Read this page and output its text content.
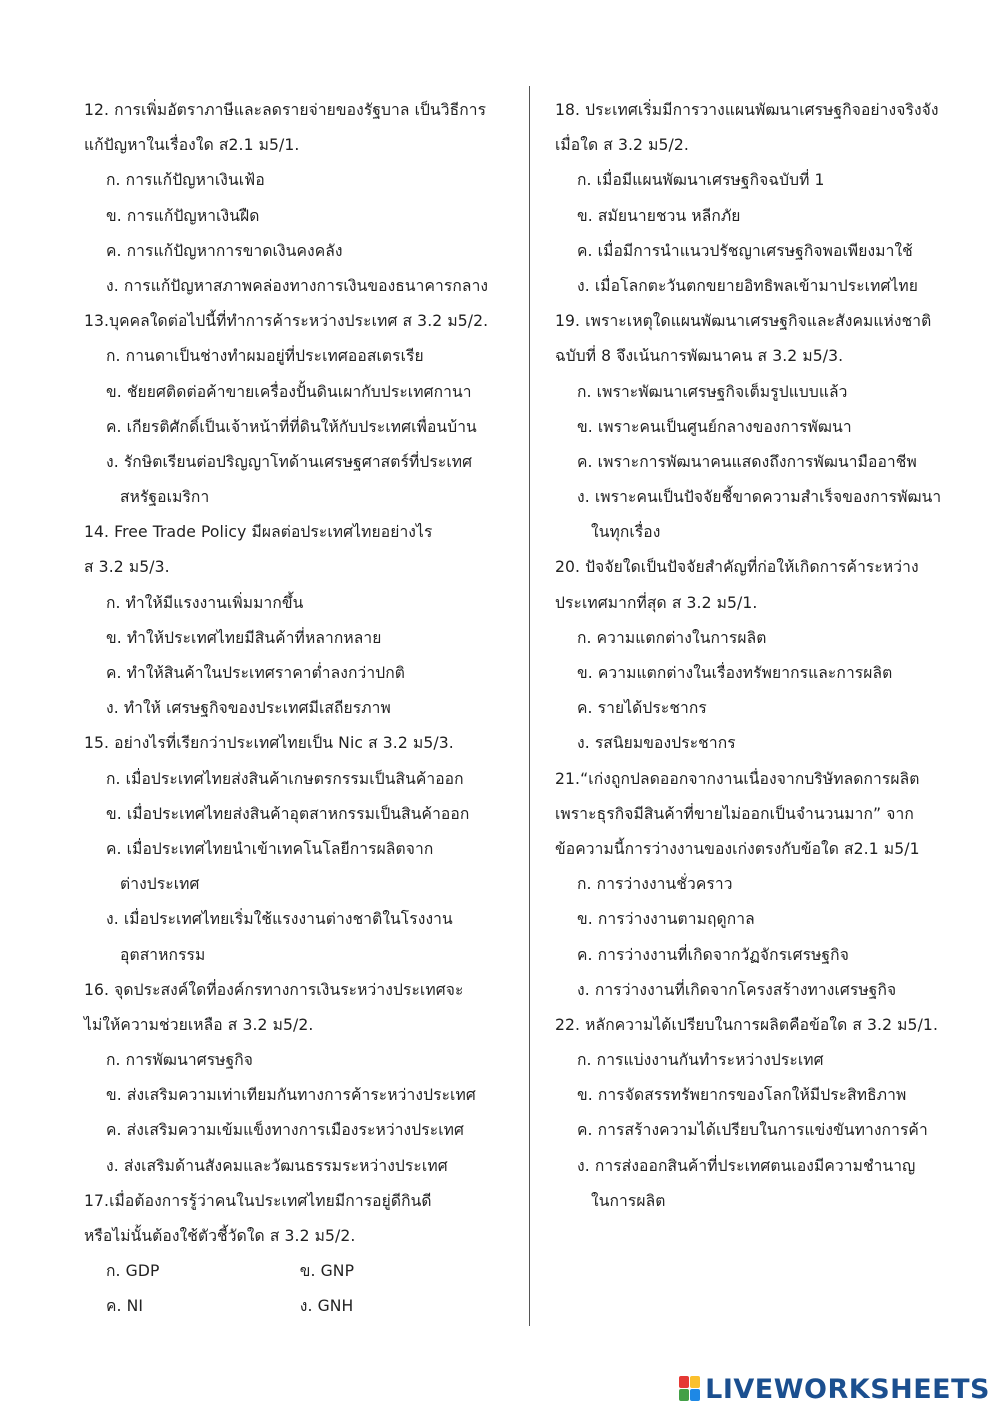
12. การเพิ่มอัตราภาษีและลดรายจ่ายของรัฐบาล เป็นวิธีการ
แก้ปัญหาในเรื่องใด ส2.1 ม5/1.
ก. การแก้ปัญหาเงินเฟ้อ
ข. การแก้ปัญหาเงินฝืด
ค. การแก้ปัญหาการขาดเงินคงคลัง
ง. การแก้ปัญหาสภาพคล่องทางการเงินของธนาคารกลาง
13.บุคคลใดต่อไปนี้ที่ทำการค้าระหว่างประเทศ ส 3.2 ม5/2.
ก. กานดาเป็นช่างทำผมอยู่ที่ประเทศออสเตรเรีย
ข. ชัยยศติดต่อค้าขายเครื่องปั้นดินเผากับประเทศกานา
ค. เกียรติศักดิ์เป็นเจ้าหน้าที่ที่ดินให้กับประเทศเพื่อนบ้าน
ง. รักษิตเรียนต่อปริญญาโทด้านเศรษฐศาสตร์ที่ประเทศ
สหรัฐอเมริกา
14. Free Trade Policy มีผลต่อประเทศไทยอย่างไร
ส 3.2 ม5/3.
ก. ทำให้มีแรงงานเพิ่มมากขึ้น
ข. ทำให้ประเทศไทยมีสินค้าที่หลากหลาย
ค. ทำให้สินค้าในประเทศราคาต่ำลงกว่าปกติ
ง. ทำให้ เศรษฐกิจของประเทศมีเสถียรภาพ
15. อย่างไรที่เรียกว่าประเทศไทยเป็น Nic ส 3.2 ม5/3.
ก. เมื่อประเทศไทยส่งสินค้าเกษตรกรรมเป็นสินค้าออก
ข. เมื่อประเทศไทยส่งสินค้าอุตสาหกรรมเป็นสินค้าออก
ค. เมื่อประเทศไทยนำเข้าเทคโนโลยีการผลิตจาก
ต่างประเทศ
ง. เมื่อประเทศไทยเริ่มใช้แรงงานต่างชาติในโรงงาน
อุตสาหกรรม
16. จุดประสงค์ใดที่องค์กรทางการเงินระหว่างประเทศจะ
ไม่ให้ความช่วยเหลือ ส 3.2 ม5/2.
ก. การพัฒนาศรษฐกิจ
ข. ส่งเสริมความเท่าเทียมกันทางการค้าระหว่างประเทศ
ค. ส่งเสริมความเข้มแข็งทางการเมืองระหว่างประเทศ
ง. ส่งเสริมด้านสังคมและวัฒนธรรมระหว่างประเทศ
17.เมื่อต้องการรู้ว่าคนในประเทศไทยมีการอยู่ดีกินดี
หรือไม่นั้นต้องใช้ตัวชี้วัดใด ส 3.2 ม5/2.
ก. GDP	ข. GNP
ค. NI	ง. GNH
18. ประเทศเริ่มมีการวางแผนพัฒนาเศรษฐกิจอย่างจริงจัง
เมื่อใด ส 3.2 ม5/2.
ก. เมื่อมีแผนพัฒนาเศรษฐกิจฉบับที่ 1
ข. สมัยนายชวน หลีกภัย
ค. เมื่อมีการนำแนวปรัชญาเศรษฐกิจพอเพียงมาใช้
ง. เมื่อโลกตะวันตกขยายอิทธิพลเข้ามาประเทศไทย
19. เพราะเหตุใดแผนพัฒนาเศรษฐกิจและสังคมแห่งชาติ
ฉบับที่ 8 จึงเน้นการพัฒนาคน ส 3.2 ม5/3.
ก. เพราะพัฒนาเศรษฐกิจเต็มรูปแบบแล้ว
ข. เพราะคนเป็นศูนย์กลางของการพัฒนา
ค. เพราะการพัฒนาคนแสดงถึงการพัฒนามืออาชีพ
ง. เพราะคนเป็นปัจจัยชี้ขาดความสำเร็จของการพัฒนา
ในทุกเรื่อง
20. ปัจจัยใดเป็นปัจจัยสำคัญที่ก่อให้เกิดการค้าระหว่าง
ประเทศมากที่สุด ส 3.2 ม5/1.
ก. ความแตกต่างในการผลิต
ข. ความแตกต่างในเรื่องทรัพยากรและการผลิต
ค. รายได้ประชากร
ง. รสนิยมของประชากร
21.“เก่งถูกปลดออกจากงานเนื่องจากบริษัทลดการผลิต
เพราะธุรกิจมีสินค้าที่ขายไม่ออกเป็นจำนวนมาก” จาก
ข้อความนี้การว่างงานของเก่งตรงกับข้อใด ส2.1 ม5/1
ก. การว่างงานชั่วคราว
ข. การว่างงานตามฤดูกาล
ค. การว่างงานที่เกิดจากวัฏจักรเศรษฐกิจ
ง. การว่างงานที่เกิดจากโครงสร้างทางเศรษฐกิจ
22. หลักความได้เปรียบในการผลิตคือข้อใด ส 3.2 ม5/1.
ก. การแบ่งงานกันทำระหว่างประเทศ
ข. การจัดสรรทรัพยากรของโลกให้มีประสิทธิภาพ
ค. การสร้างความได้เปรียบในการแข่งขันทางการค้า
ง. การส่งออกสินค้าที่ประเทศตนเองมีความชำนาญ
ในการผลิต
LIVEWORKSHEETS
